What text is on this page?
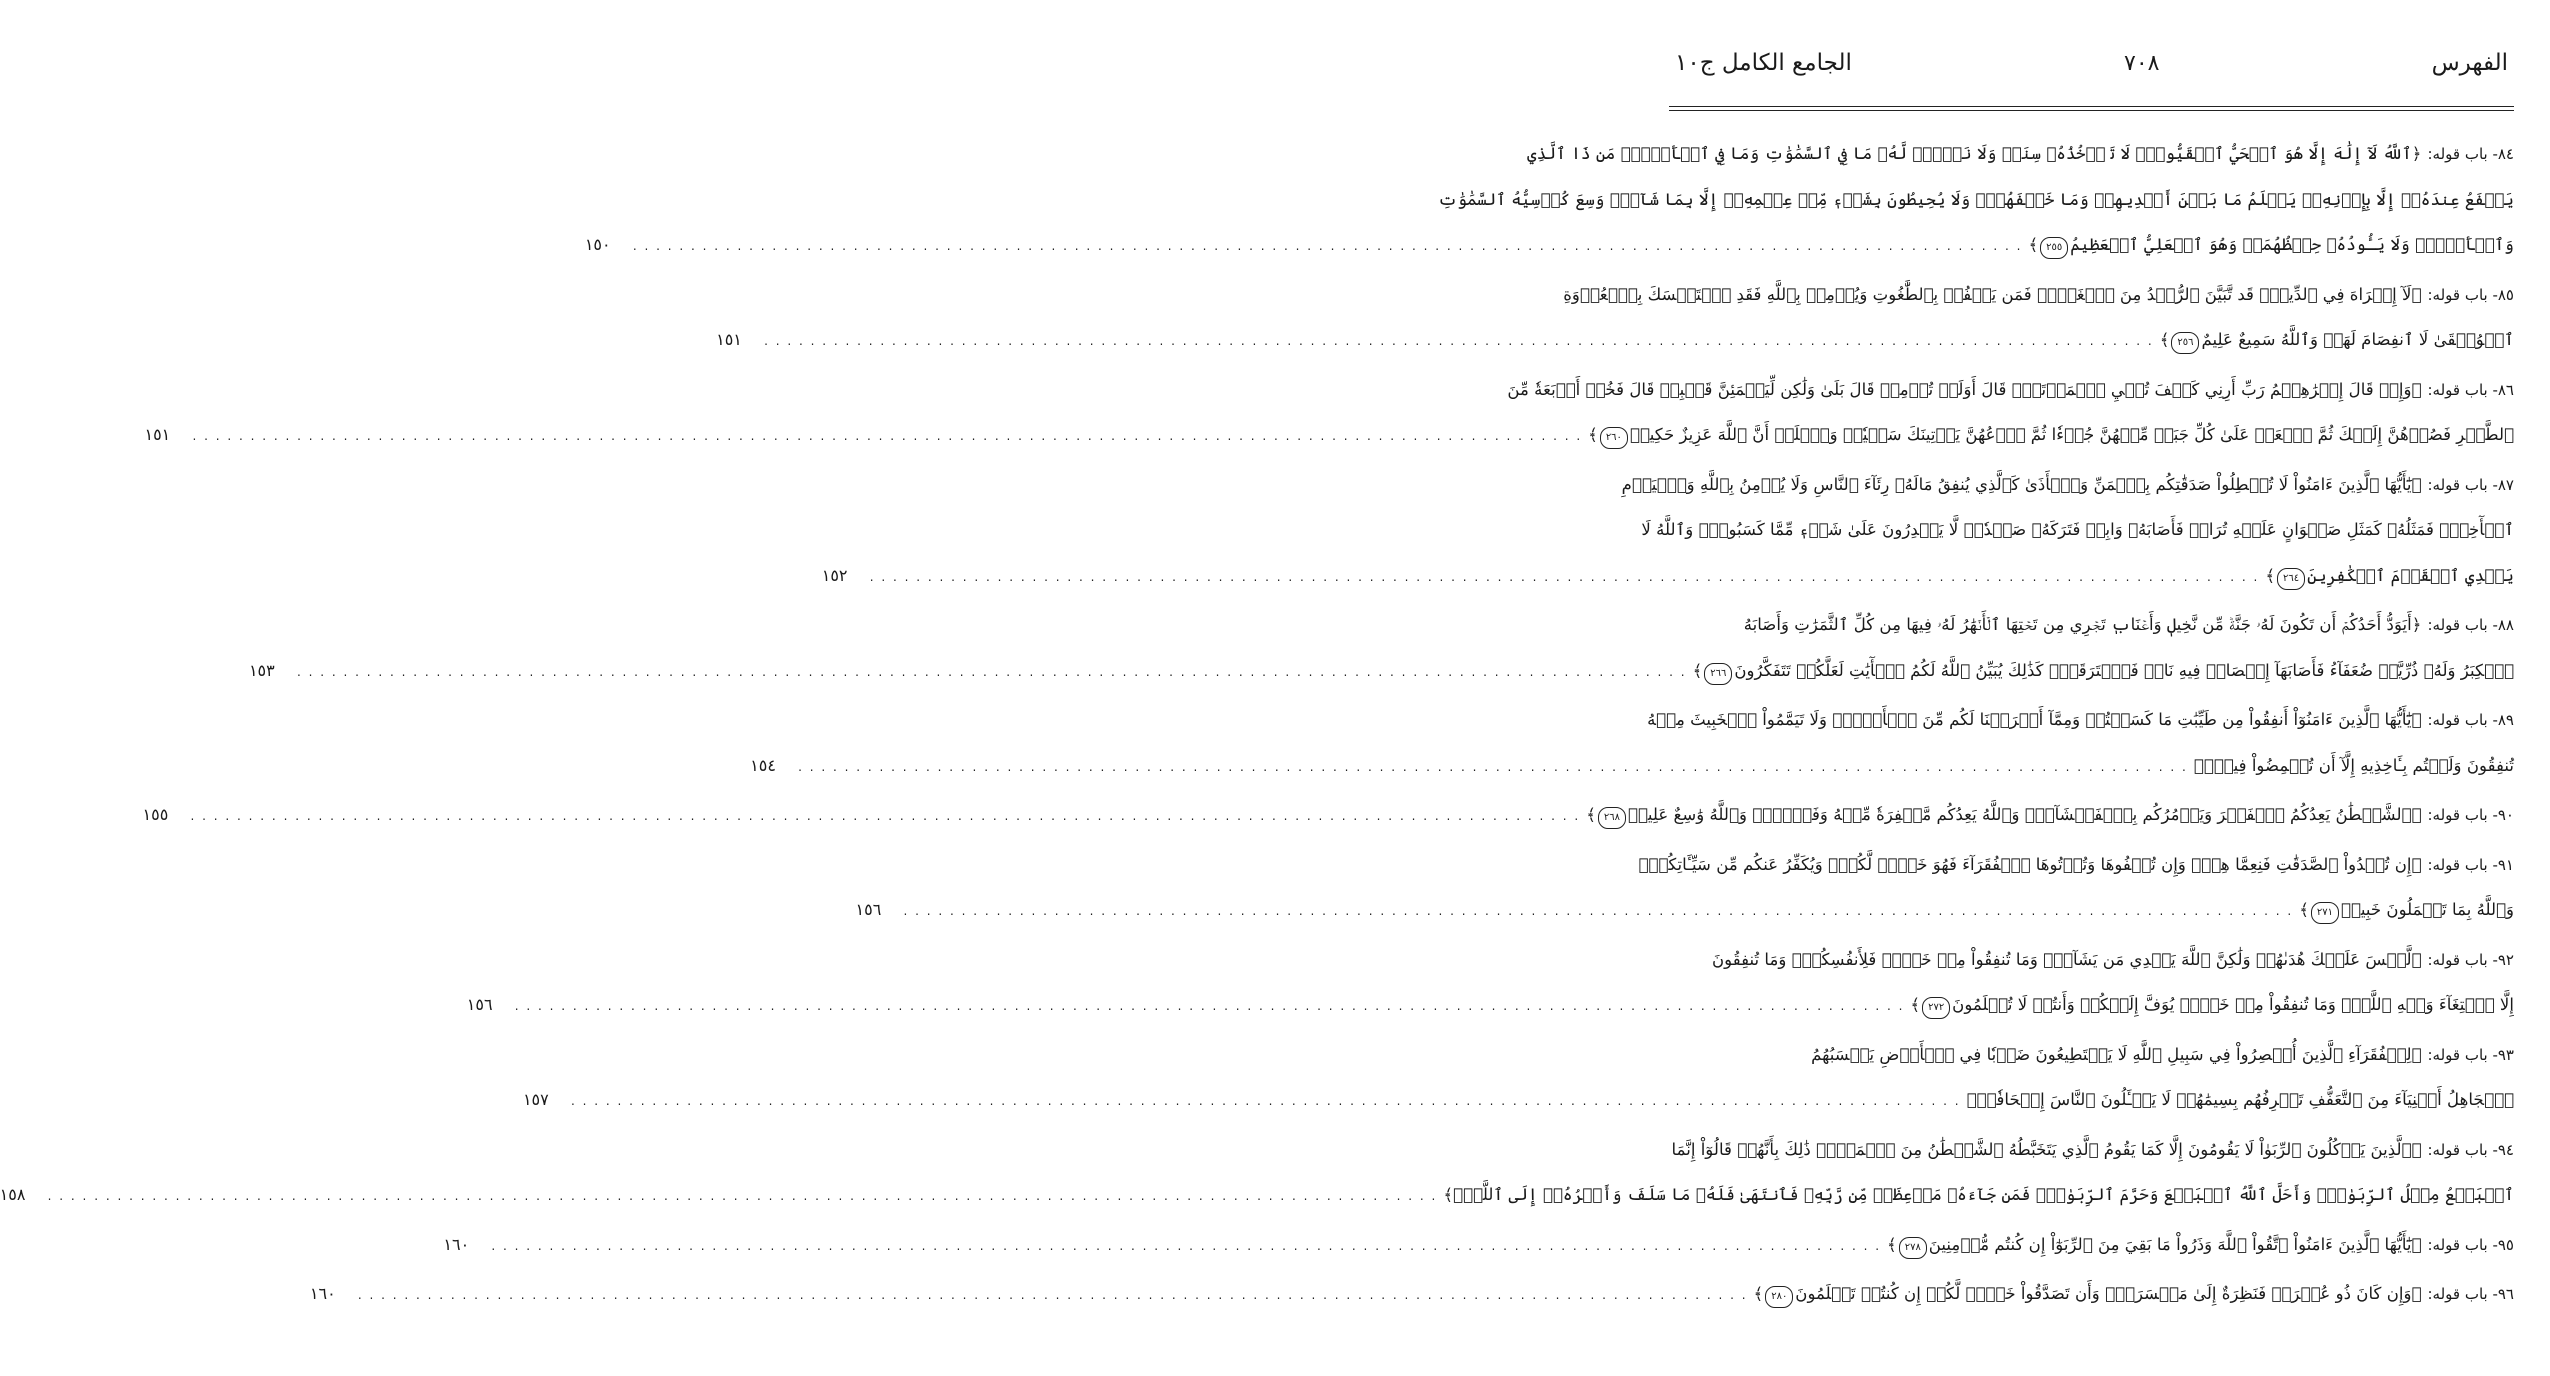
الفهرس
٧٠٨
الجامع الكامل ج١٠
٨٤- باب قوله:
﴿ٱللَّهُ لَآ إِلَٰهَ إِلَّا هُوَ ٱلۡحَيُّ ٱلۡقَيُّومُۚ لَا تَأۡخُذُهُۥ سِنَةٞ وَلَا نَوۡمٞۚ لَّهُۥ مَا فِي ٱلسَّمَٰوَٰتِ وَمَا فِي ٱلۡأَرۡضِۗ مَن ذَا ٱلَّذِي
يَشۡفَعُ عِندَهُۥٓ إِلَّا بِإِذۡنِهِۦۚ يَعۡلَمُ مَا بَيۡنَ أَيۡدِيهِمۡ وَمَا خَلۡفَهُمۡۖ وَلَا يُحِيطُونَ بِشَيۡءٖ مِّنۡ عِلۡمِهِۦٓ إِلَّا بِمَا شَآءَۚ وَسِعَ كُرۡسِيُّهُ ٱلسَّمَٰوَٰتِ
وَٱلۡأَرۡضَۖ وَلَا يَـُٔودُهُۥ حِفۡظُهُمَاۚ وَهُوَ ٱلۡعَلِيُّ ٱلۡعَظِيمُ
٢٥٥
﴾
. . . . . . . . . . . . . . . . . . . . . . . . . . . . . . . . . . . . . . . . . . . . . . . . . . . . . . . . . . . . . . . . . . . . . . . . . . . . . . . . . . . . . . . . . . . . . . . . . . . . . . . . . . . . . . . . . . . . . . . .
١٥٠
٨٥- باب قوله:
﴿لَآ إِكۡرَاهَ فِي ٱلدِّينِۖ قَد تَّبَيَّنَ ٱلرُّشۡدُ مِنَ ٱلۡغَيِّۚ فَمَن يَكۡفُرۡ بِٱلطَّٰغُوتِ وَيُؤۡمِنۢ بِٱللَّهِ فَقَدِ ٱسۡتَمۡسَكَ بِٱلۡعُرۡوَةِ
ٱلۡوُثۡقَىٰ لَا ٱنفِصَامَ لَهَاۗ وَٱللَّهُ سَمِيعٌ عَلِيمٌ
٢٥٦
﴾
. . . . . . . . . . . . . . . . . . . . . . . . . . . . . . . . . . . . . . . . . . . . . . . . . . . . . . . . . . . . . . . . . . . . . . . . . . . . . . . . . . . . . . . . . . . . . . . . . . . . . . . . . . . . . . . . . . . . . . . .
١٥١
٨٦- باب قوله:
﴿وَإِذۡ قَالَ إِبۡرَٰهِـۧمُ رَبِّ أَرِنِي كَيۡفَ تُحۡيِ ٱلۡمَوۡتَىٰۖ قَالَ أَوَلَمۡ تُؤۡمِنۖ قَالَ بَلَىٰ وَلَٰكِن لِّيَطۡمَئِنَّ قَلۡبِيۖ قَالَ فَخُذۡ أَرۡبَعَةٗ مِّنَ
ٱلطَّيۡرِ فَصُرۡهُنَّ إِلَيۡكَ ثُمَّ ٱجۡعَلۡ عَلَىٰ كُلِّ جَبَلٖ مِّنۡهُنَّ جُزۡءٗا ثُمَّ ٱدۡعُهُنَّ يَأۡتِينَكَ سَعۡيٗاۚ وَٱعۡلَمۡ أَنَّ ٱللَّهَ عَزِيزٌ حَكِيمٞ
٢٦٠
﴾
. . . . . . . . . . . . . . . . . . . . . . . . . . . . . . . . . . . . . . . . . . . . . . . . . . . . . . . . . . . . . . . . . . . . . . . . . . . . . . . . . . . . . . . . . . . . . . . . . . . . . . . . . . . . . . . . . . . . . . . .
١٥١
٨٧- باب قوله:
﴿يَٰٓأَيُّهَا ٱلَّذِينَ ءَامَنُواْ لَا تُبۡطِلُواْ صَدَقَٰتِكُم بِٱلۡمَنِّ وَٱلۡأَذَىٰ كَٱلَّذِي يُنفِقُ مَالَهُۥ رِئَآءَ ٱلنَّاسِ وَلَا يُؤۡمِنُ بِٱللَّهِ وَٱلۡيَوۡمِ
ٱلۡأٓخِرِۖ فَمَثَلُهُۥ كَمَثَلِ صَفۡوَانٍ عَلَيۡهِ تُرَابٞ فَأَصَابَهُۥ وَابِلٞ فَتَرَكَهُۥ صَلۡدٗاۖ لَّا يَقۡدِرُونَ عَلَىٰ شَيۡءٖ مِّمَّا كَسَبُواْۗ وَٱللَّهُ لَا
يَهۡدِي ٱلۡقَوۡمَ ٱلۡكَٰفِرِينَ
٢٦٤
﴾
. . . . . . . . . . . . . . . . . . . . . . . . . . . . . . . . . . . . . . . . . . . . . . . . . . . . . . . . . . . . . . . . . . . . . . . . . . . . . . . . . . . . . . . . . . . . . . . . . . . . . . . . . . . . . . . . . . . . . . . .
١٥٢
٨٨- باب قوله:
﴿أَيَوَدُّ أَحَدُكُمۡ أَن تَكُونَ لَهُۥ جَنَّةٞ مِّن نَّخِيلٖ وَأَعۡنَابٖ تَجۡرِي مِن تَحۡتِهَا ٱلۡأَنۡهَٰرُ لَهُۥ فِيهَا مِن كُلِّ ٱلثَّمَرَٰتِ وَأَصَابَهُ
ٱلۡكِبَرُ وَلَهُۥ ذُرِّيَّةٞ ضُعَفَآءُ فَأَصَابَهَآ إِعۡصَارٞ فِيهِ نَارٞ فَٱحۡتَرَقَتۡۗ كَذَٰلِكَ يُبَيِّنُ ٱللَّهُ لَكُمُ ٱلۡأٓيَٰتِ لَعَلَّكُمۡ تَتَفَكَّرُونَ
٢٦٦
﴾
. . . . . . . . . . . . . . . . . . . . . . . . . . . . . . . . . . . . . . . . . . . . . . . . . . . . . . . . . . . . . . . . . . . . . . . . . . . . . . . . . . . . . . . . . . . . . . . . . . . . . . . . . . . . . . . . . . . . . . . .
١٥٣
٨٩- باب قوله:
﴿يَٰٓأَيُّهَا ٱلَّذِينَ ءَامَنُوٓاْ أَنفِقُواْ مِن طَيِّبَٰتِ مَا كَسَبۡتُمۡ وَمِمَّآ أَخۡرَجۡنَا لَكُم مِّنَ ٱلۡأَرۡضِۖ وَلَا تَيَمَّمُواْ ٱلۡخَبِيثَ مِنۡهُ
تُنفِقُونَ وَلَسۡتُم بِـَٔاخِذِيهِ إِلَّآ أَن تُغۡمِضُواْ فِيهِۚ﴾
. . . . . . . . . . . . . . . . . . . . . . . . . . . . . . . . . . . . . . . . . . . . . . . . . . . . . . . . . . . . . . . . . . . . . . . . . . . . . . . . . . . . . . . . . . . . . . . . . . . . . . . . . . . . . . . . . . . . . . . .
١٥٤
٩٠- باب قوله:
﴿ٱلشَّيۡطَٰنُ يَعِدُكُمُ ٱلۡفَقۡرَ وَيَأۡمُرُكُم بِٱلۡفَحۡشَآءِۖ وَٱللَّهُ يَعِدُكُم مَّغۡفِرَةٗ مِّنۡهُ وَفَضۡلٗاۗ وَٱللَّهُ وَٰسِعٌ عَلِيمٞ
٢٦٨
﴾
. . . . . . . . . . . . . . . . . . . . . . . . . . . . . . . . . . . . . . . . . . . . . . . . . . . . . . . . . . . . . . . . . . . . . . . . . . . . . . . . . . . . . . . . . . . . . . . . . . . . . . . . . . . . . . . . . . . . . . . .
١٥٥
٩١- باب قوله:
﴿إِن تُبۡدُواْ ٱلصَّدَقَٰتِ فَنِعِمَّا هِيَۖ وَإِن تُخۡفُوهَا وَتُؤۡتُوهَا ٱلۡفُقَرَآءَ فَهُوَ خَيۡرٞ لَّكُمۡۚ وَيُكَفِّرُ عَنكُم مِّن سَيِّـَٔاتِكُمۡۗ
وَٱللَّهُ بِمَا تَعۡمَلُونَ خَبِيرٞ
٢٧١
﴾
. . . . . . . . . . . . . . . . . . . . . . . . . . . . . . . . . . . . . . . . . . . . . . . . . . . . . . . . . . . . . . . . . . . . . . . . . . . . . . . . . . . . . . . . . . . . . . . . . . . . . . . . . . . . . . . . . . . . . . . .
١٥٦
٩٢- باب قوله:
﴿لَّيۡسَ عَلَيۡكَ هُدَىٰهُمۡ وَلَٰكِنَّ ٱللَّهَ يَهۡدِي مَن يَشَآءُۗ وَمَا تُنفِقُواْ مِنۡ خَيۡرٖ فَلِأَنفُسِكُمۡۚ وَمَا تُنفِقُونَ
إِلَّا ٱبۡتِغَآءَ وَجۡهِ ٱللَّهِۚ وَمَا تُنفِقُواْ مِنۡ خَيۡرٖ يُوَفَّ إِلَيۡكُمۡ وَأَنتُمۡ لَا تُظۡلَمُونَ
٢٧٢
﴾
. . . . . . . . . . . . . . . . . . . . . . . . . . . . . . . . . . . . . . . . . . . . . . . . . . . . . . . . . . . . . . . . . . . . . . . . . . . . . . . . . . . . . . . . . . . . . . . . . . . . . . . . . . . . . . . . . . . . . . . .
١٥٦
٩٣- باب قوله:
﴿لِلۡفُقَرَآءِ ٱلَّذِينَ أُحۡصِرُواْ فِي سَبِيلِ ٱللَّهِ لَا يَسۡتَطِيعُونَ ضَرۡبٗا فِي ٱلۡأَرۡضِ يَحۡسَبُهُمُ
ٱلۡجَاهِلُ أَغۡنِيَآءَ مِنَ ٱلتَّعَفُّفِ تَعۡرِفُهُم بِسِيمَٰهُمۡ لَا يَسۡـَٔلُونَ ٱلنَّاسَ إِلۡحَافٗاۗ﴾
. . . . . . . . . . . . . . . . . . . . . . . . . . . . . . . . . . . . . . . . . . . . . . . . . . . . . . . . . . . . . . . . . . . . . . . . . . . . . . . . . . . . . . . . . . . . . . . . . . . . . . . . . . . . . . . . . . . . . . . .
١٥٧
٩٤- باب قوله:
﴿ٱلَّذِينَ يَأۡكُلُونَ ٱلرِّبَوٰاْ لَا يَقُومُونَ إِلَّا كَمَا يَقُومُ ٱلَّذِي يَتَخَبَّطُهُ ٱلشَّيۡطَٰنُ مِنَ ٱلۡمَسِّۚ ذَٰلِكَ بِأَنَّهُمۡ قَالُوٓاْ إِنَّمَا
ٱلۡبَيۡعُ مِثۡلُ ٱلرِّبَوٰاْۗ وَأَحَلَّ ٱللَّهُ ٱلۡبَيۡعَ وَحَرَّمَ ٱلرِّبَوٰاْۚ فَمَن جَآءَهُۥ مَوۡعِظَةٞ مِّن رَّبِّهِۦ فَٱنتَهَىٰ فَلَهُۥ مَا سَلَفَ وَأَمۡرُهُۥٓ إِلَى ٱللَّهِۖ﴾
. . . . . . . . . . . . . . . . . . . . . . . . . . . . . . . . . . . . . . . . . . . . . . . . . . . . . . . . . . . . . . . . . . . . . . . . . . . . . . . . . . . . . . . . . . . . . . . . . . . . . . . . . . . . . . . . . . . . . . . .
١٥٨
٩٥- باب قوله:
﴿يَٰٓأَيُّهَا ٱلَّذِينَ ءَامَنُواْ ٱتَّقُواْ ٱللَّهَ وَذَرُواْ مَا بَقِيَ مِنَ ٱلرِّبَوٰٓاْ إِن كُنتُم مُّؤۡمِنِينَ
٢٧٨
﴾
. . . . . . . . . . . . . . . . . . . . . . . . . . . . . . . . . . . . . . . . . . . . . . . . . . . . . . . . . . . . . . . . . . . . . . . . . . . . . . . . . . . . . . . . . . . . . . . . . . . . . . . . . . . . . . . . . . . . . . . .
١٦٠
٩٦- باب قوله:
﴿وَإِن كَانَ ذُو عُسۡرَةٖ فَنَظِرَةٌ إِلَىٰ مَيۡسَرَةٖۚ وَأَن تَصَدَّقُواْ خَيۡرٞ لَّكُمۡ إِن كُنتُمۡ تَعۡلَمُونَ
٢٨٠
﴾
. . . . . . . . . . . . . . . . . . . . . . . . . . . . . . . . . . . . . . . . . . . . . . . . . . . . . . . . . . . . . . . . . . . . . . . . . . . . . . . . . . . . . . . . . . . . . . . . . . . . . . . . . . . . . . . . . . . . . . . .
١٦٠
